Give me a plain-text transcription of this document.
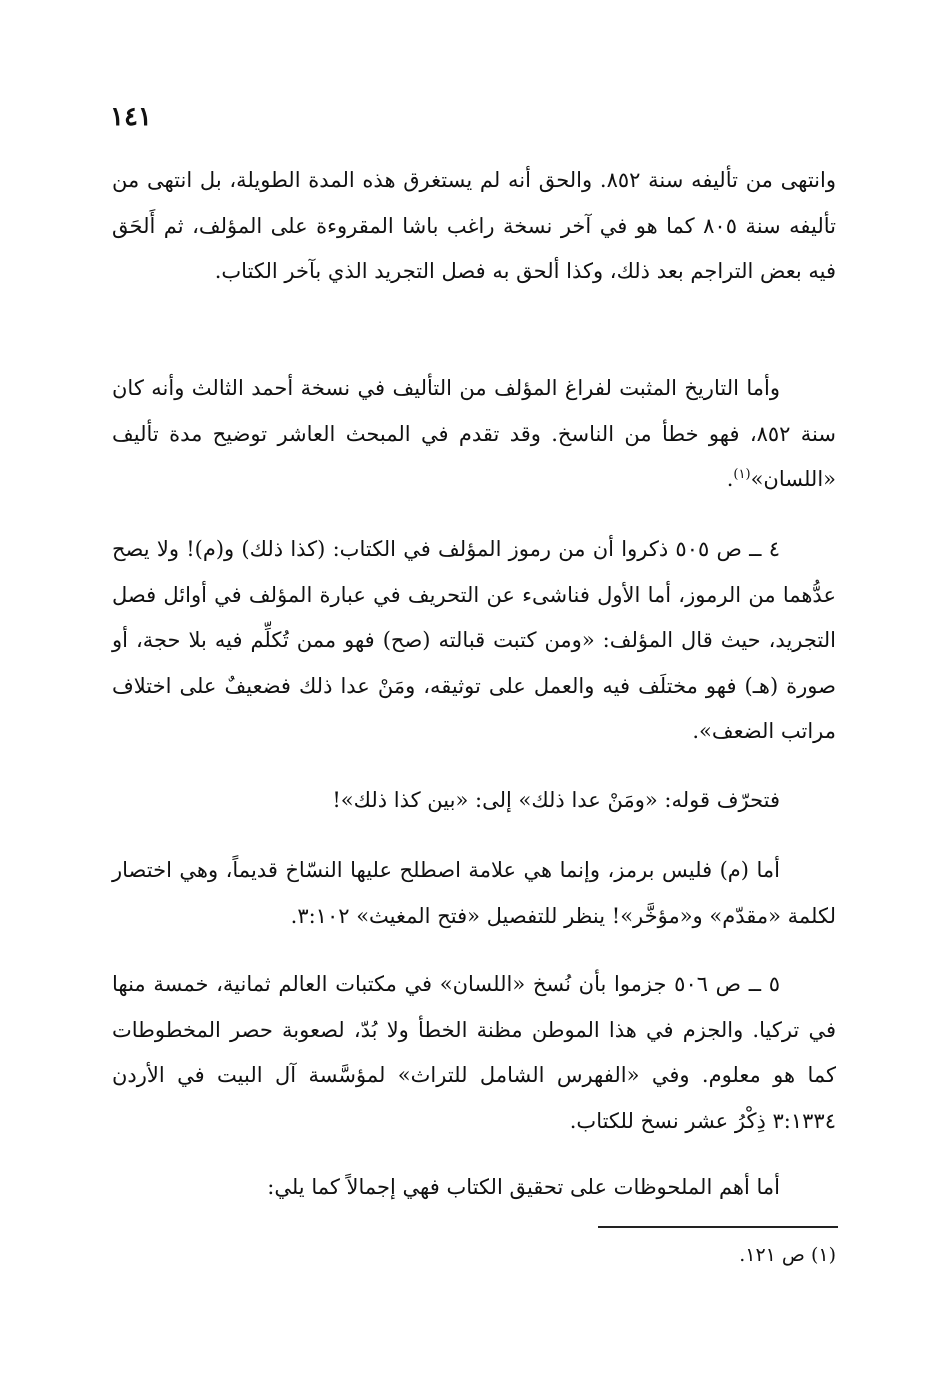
١٤١

وانتهى من تأليفه سنة ٨٥٢. والحق أنه لم يستغرق هذه المدة الطويلة، بل انتهى من تأليفه سنة ٨٠٥ كما هو في آخر نسخة راغب باشا المقروءة على المؤلف، ثم أَلحَق فيه بعض التراجم بعد ذلك، وكذا ألحق به فصل التجريد الذي بآخر الكتاب.

وأما التاريخ المثبت لفراغ المؤلف من التأليف في نسخة أحمد الثالث وأنه كان سنة ٨٥٢، فهو خطأ من الناسخ. وقد تقدم في المبحث العاشر توضيح مدة تأليف «اللسان»$^{(١)}$.

٤ ــ ص ٥٠٥ ذكروا أن من رموز المؤلف في الكتاب: (كذا ذلك) و(م)! ولا يصح عدُّهما من الرموز، أما الأول فناشىء عن التحريف في عبارة المؤلف في أوائل فصل التجريد، حيث قال المؤلف: «ومن كتبت قبالته (صح) فهو ممن تُكلِّم فيه بلا حجة، أو صورة (هـ) فهو مختلَف فيه والعمل على توثيقه، ومَنْ عدا ذلك فضعيفٌ على اختلاف مراتب الضعف».

فتحرّف قوله: «ومَنْ عدا ذلك» إلى: «بين كذا ذلك»!

أما (م) فليس برمز، وإنما هي علامة اصطلح عليها النسّاخ قديماً، وهي اختصار لكلمة «مقدّم» و«مؤخَّر»! ينظر للتفصيل «فتح المغيث» ٣:١٠٢.

٥ ــ ص ٥٠٦ جزموا بأن نُسخ «اللسان» في مكتبات العالم ثمانية، خمسة منها في تركيا. والجزم في هذا الموطن مظنة الخطأ ولا بُدّ، لصعوبة حصر المخطوطات كما هو معلوم. وفي «الفهرس الشامل للتراث» لمؤسَّسة آل البيت في الأردن ٣:١٣٣٤ ذِكْرُ عشر نسخ للكتاب.

أما أهم الملحوظات على تحقيق الكتاب فهي إجمالاً كما يلي:

(١) ص ١٢١.
